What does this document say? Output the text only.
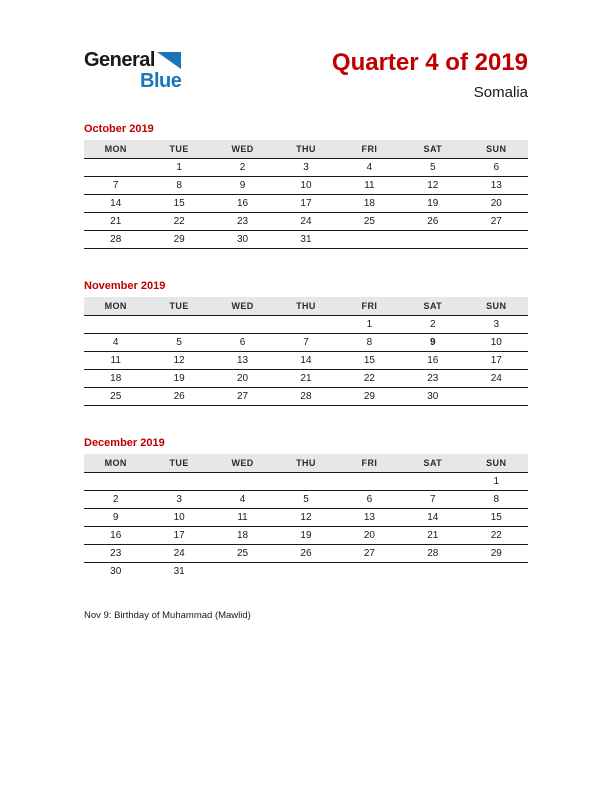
General
Blue
Quarter 4 of 2019
Somalia
October 2019
MON	TUE	WED	THU	FRI	SAT	SUN
	1	2	3	4	5	6
7	8	9	10	11	12	13
14	15	16	17	18	19	20
21	22	23	24	25	26	27
28	29	30	31			
November 2019
MON	TUE	WED	THU	FRI	SAT	SUN
				1	2	3
4	5	6	7	8	9	10
11	12	13	14	15	16	17
18	19	20	21	22	23	24
25	26	27	28	29	30	
December 2019
MON	TUE	WED	THU	FRI	SAT	SUN
						1
2	3	4	5	6	7	8
9	10	11	12	13	14	15
16	17	18	19	20	21	22
23	24	25	26	27	28	29
30	31					
Nov 9: Birthday of Muhammad (Mawlid)
